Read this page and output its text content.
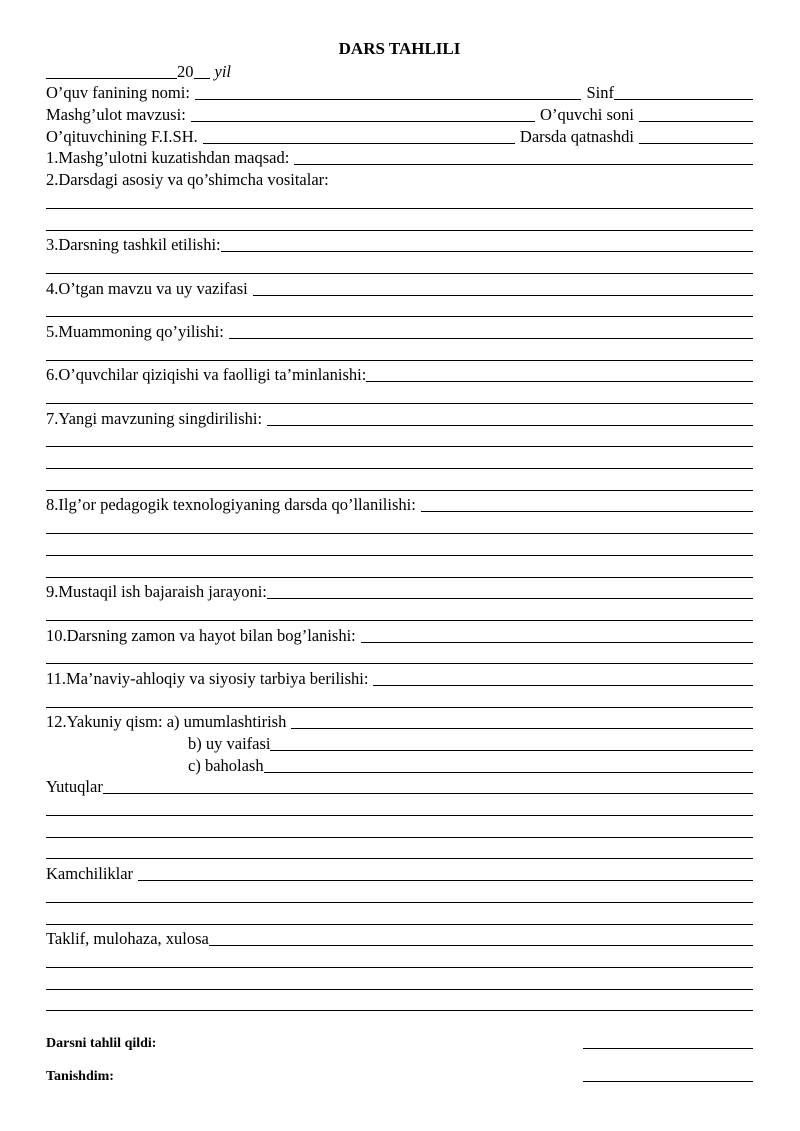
DARS TAHLILI
20	yil
O’quv fanining nomi:	Sinf
Mashg’ulot mavzusi:	O’quvchi soni
O’qituvchining F.I.SH.	Darsda qatnashdi
1.Mashg’ulotni kuzatishdan maqsad:
2.Darsdagi asosiy va qo’shimcha vositalar:
3.Darsning tashkil etilishi:
4.O’tgan mavzu va uy vazifasi
5.Muammoning qo’yilishi:
6.O’quvchilar qiziqishi va faolligi ta’minlanishi:
7.Yangi mavzuning singdirilishi:
8.Ilg’or pedagogik texnologiyaning darsda qo’llanilishi:
9.Mustaqil ish bajaraish jarayoni:
10.Darsning zamon va hayot bilan bog’lanishi:
11.Ma’naviy-ahloqiy va siyosiy tarbiya berilishi:
12.Yakuniy qism: a) umumlashtirish
b) uy vaifasi
c) baholash
Yutuqlar
Kamchiliklar
Taklif, mulohaza, xulosa
Darsni tahlil qildi:
Tanishdim:
